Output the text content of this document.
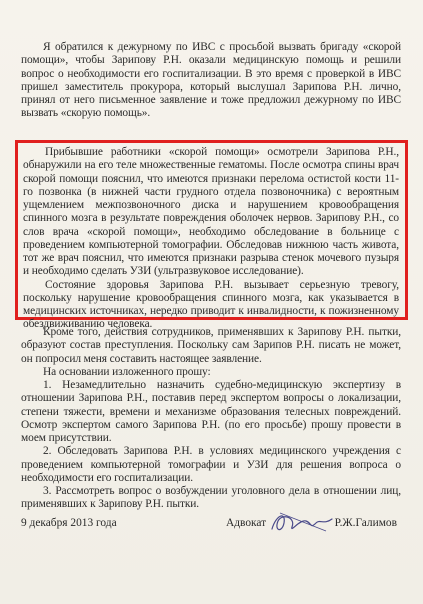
Я обратился к дежурному по ИВС с просьбой вызвать бригаду «скорой помощи», чтобы Зарипову Р.Н. оказали медицинскую помощь и решили вопрос о необходимости его госпитализации. В это время с проверкой в ИВС пришел заместитель прокурора, который выслушал Зарипова Р.Н. лично, принял от него письменное заявление и тоже предложил дежурному по ИВС вызвать «скорую помощь».

Прибывшие работники «скорой помощи» осмотрели Зарипова Р.Н., обнаружили на его теле множественные гематомы. После осмотра спины врач скорой помощи пояснил, что имеются признаки перелома остистой кости 11-го позвонка (в нижней части грудного отдела позвоночника) с вероятным ущемлением межпозвоночного диска и нарушением кровообращения спинного мозга в результате повреждения оболочек нервов. Зарипову Р.Н., со слов врача «скорой помощи», необходимо обследование в больнице с проведением компьютерной томографии. Обследовав нижнюю часть живота, тот же врач пояснил, что имеются признаки разрыва стенок мочевого пузыря и необходимо сделать УЗИ (ультразвуковое исследование).

Состояние здоровья Зарипова Р.Н. вызывает серьезную тревогу, поскольку нарушение кровообращения спинного мозга, как указывается в медицинских источниках, нередко приводит к инвалидности, к пожизненному обездвиживанию человека.

Кроме того, действия сотрудников, применявших к Зарипову Р.Н. пытки, образуют состав преступления. Поскольку сам Зарипов Р.Н. писать не может, он попросил меня составить настоящее заявление.

На основании изложенного прошу:

1. Незамедлительно назначить судебно-медицинскую экспертизу в отношении Зарипова Р.Н., поставив перед экспертом вопросы о локализации, степени тяжести, времени и механизме образования телесных повреждений. Осмотр экспертом самого Зарипова Р.Н. (по его просьбе) прошу провести в моем присутствии.

2. Обследовать Зарипова Р.Н. в условиях медицинского учреждения с проведением компьютерной томографии и УЗИ для решения вопроса о необходимости его госпитализации.

3. Рассмотреть вопрос о возбуждении уголовного дела в отношении лиц, применявших к Зарипову Р.Н. пытки.

9 декабря 2013 года	Адвокат	Р.Ж.Галимов
